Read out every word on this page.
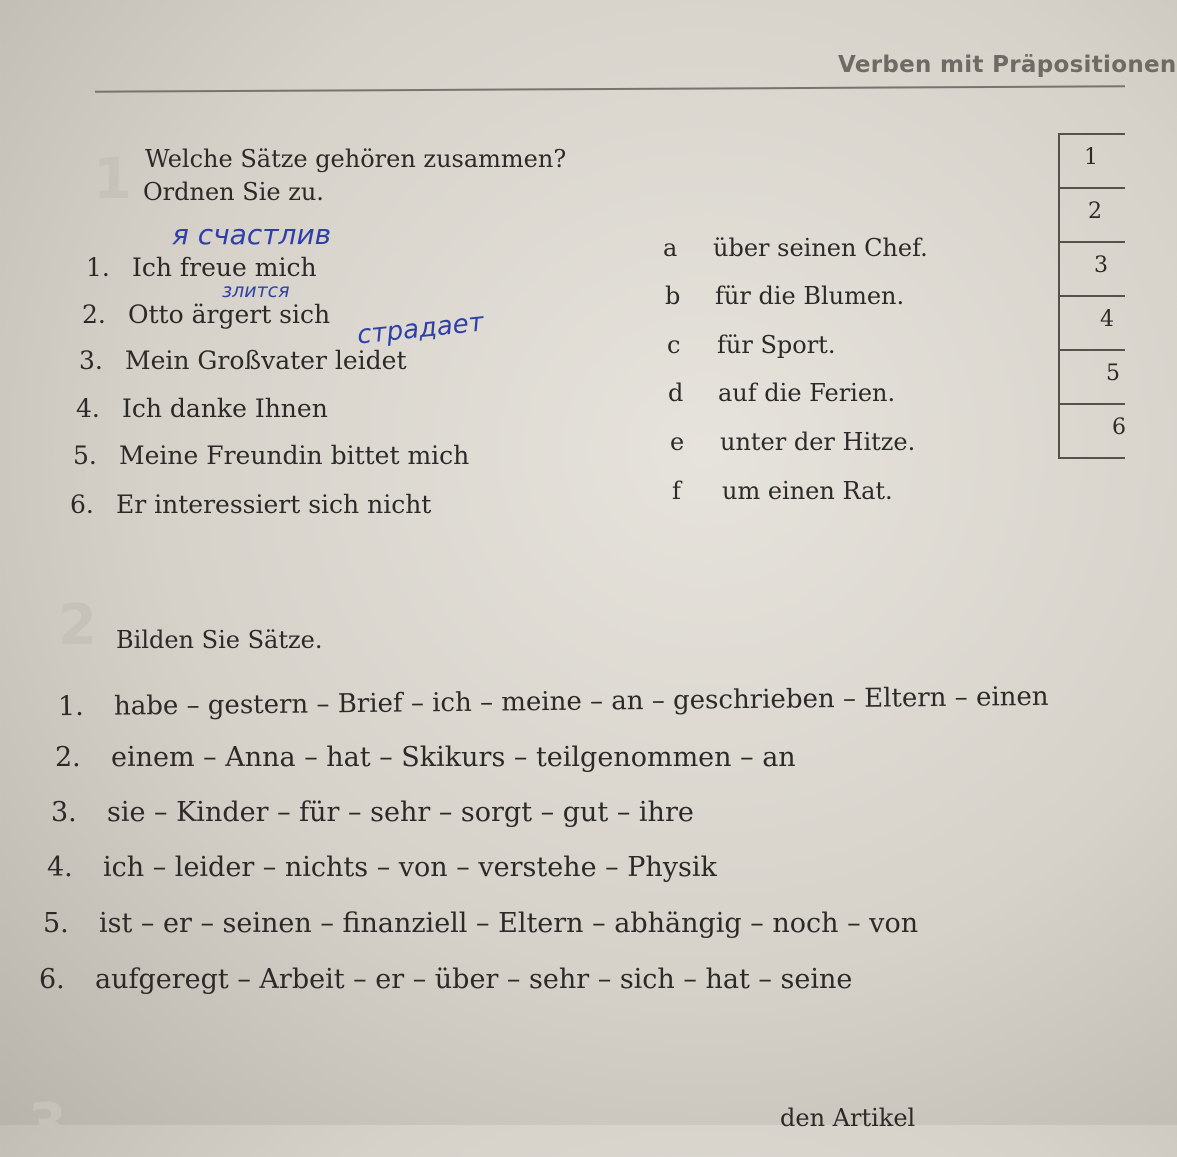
Verben mit Präpositionen
1 Welche Sätze gehören zusammen?
Ordnen Sie zu.
1. Ich freue mich
2. Otto ärgert sich
3. Mein Großvater leidet
4. Ich danke Ihnen
5. Meine Freundin bittet mich
6. Er interessiert sich nicht
a über seinen Chef.
b für die Blumen.
c für Sport.
d auf die Ferien.
e unter der Hitze.
f um einen Rat.
я счастлив
злится
страдает
1
2
3
4
5
6
2 Bilden Sie Sätze.
1. habe – gestern – Brief – ich – meine – an – geschrieben – Eltern – einen
2. einem – Anna – hat – Skikurs – teilgenommen – an
3. sie – Kinder – für – sehr – sorgt – gut – ihre
4. ich – leider – nichts – von – verstehe – Physik
5. ist – er – seinen – finanziell – Eltern – abhängig – noch – von
6. aufgeregt – Arbeit – er – über – sehr – sich – hat – seine
3	den Artikel
